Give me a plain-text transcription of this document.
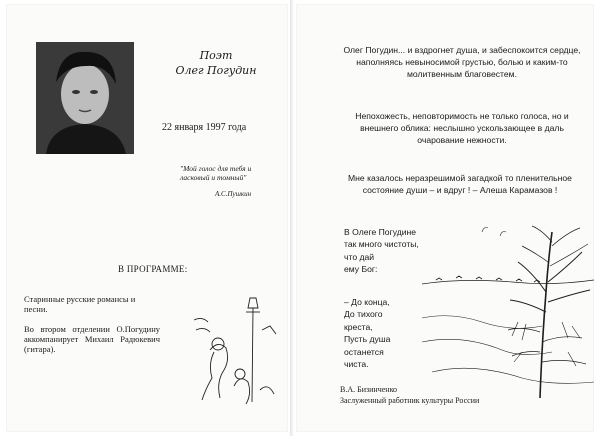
Поэт
Олег Погудин
22 января 1997 года
"Мой голос для тебя и ласковый и томный"
А.С.Пушкин
В ПРОГРАММЕ:
Старинные русские романсы и песни.
Во втором отделении О.Погудину аккомпанирует Михаил Радюкевич (гитара).
Олег Погудин... и вздрогнет душа, и забеспокоится сердце, наполняясь невыносимой грустью, болью и каким-то молитвенным благовестем.
Непохожесть, неповторимость не только голоса, но и внешнего облика: неслышно ускользающее в даль очарование нежности.
Мне казалось неразрешимой загадкой то пленительное состояние души – и вдруг ! – Алеша Карамазов !
В Олеге Погудине
так много чистоты,
что дай
ему Бог:
– До конца,
До тихого
креста,
Пусть душа
останется
чиста.
В.А. Бизинченко
Заслуженный работник культуры России
